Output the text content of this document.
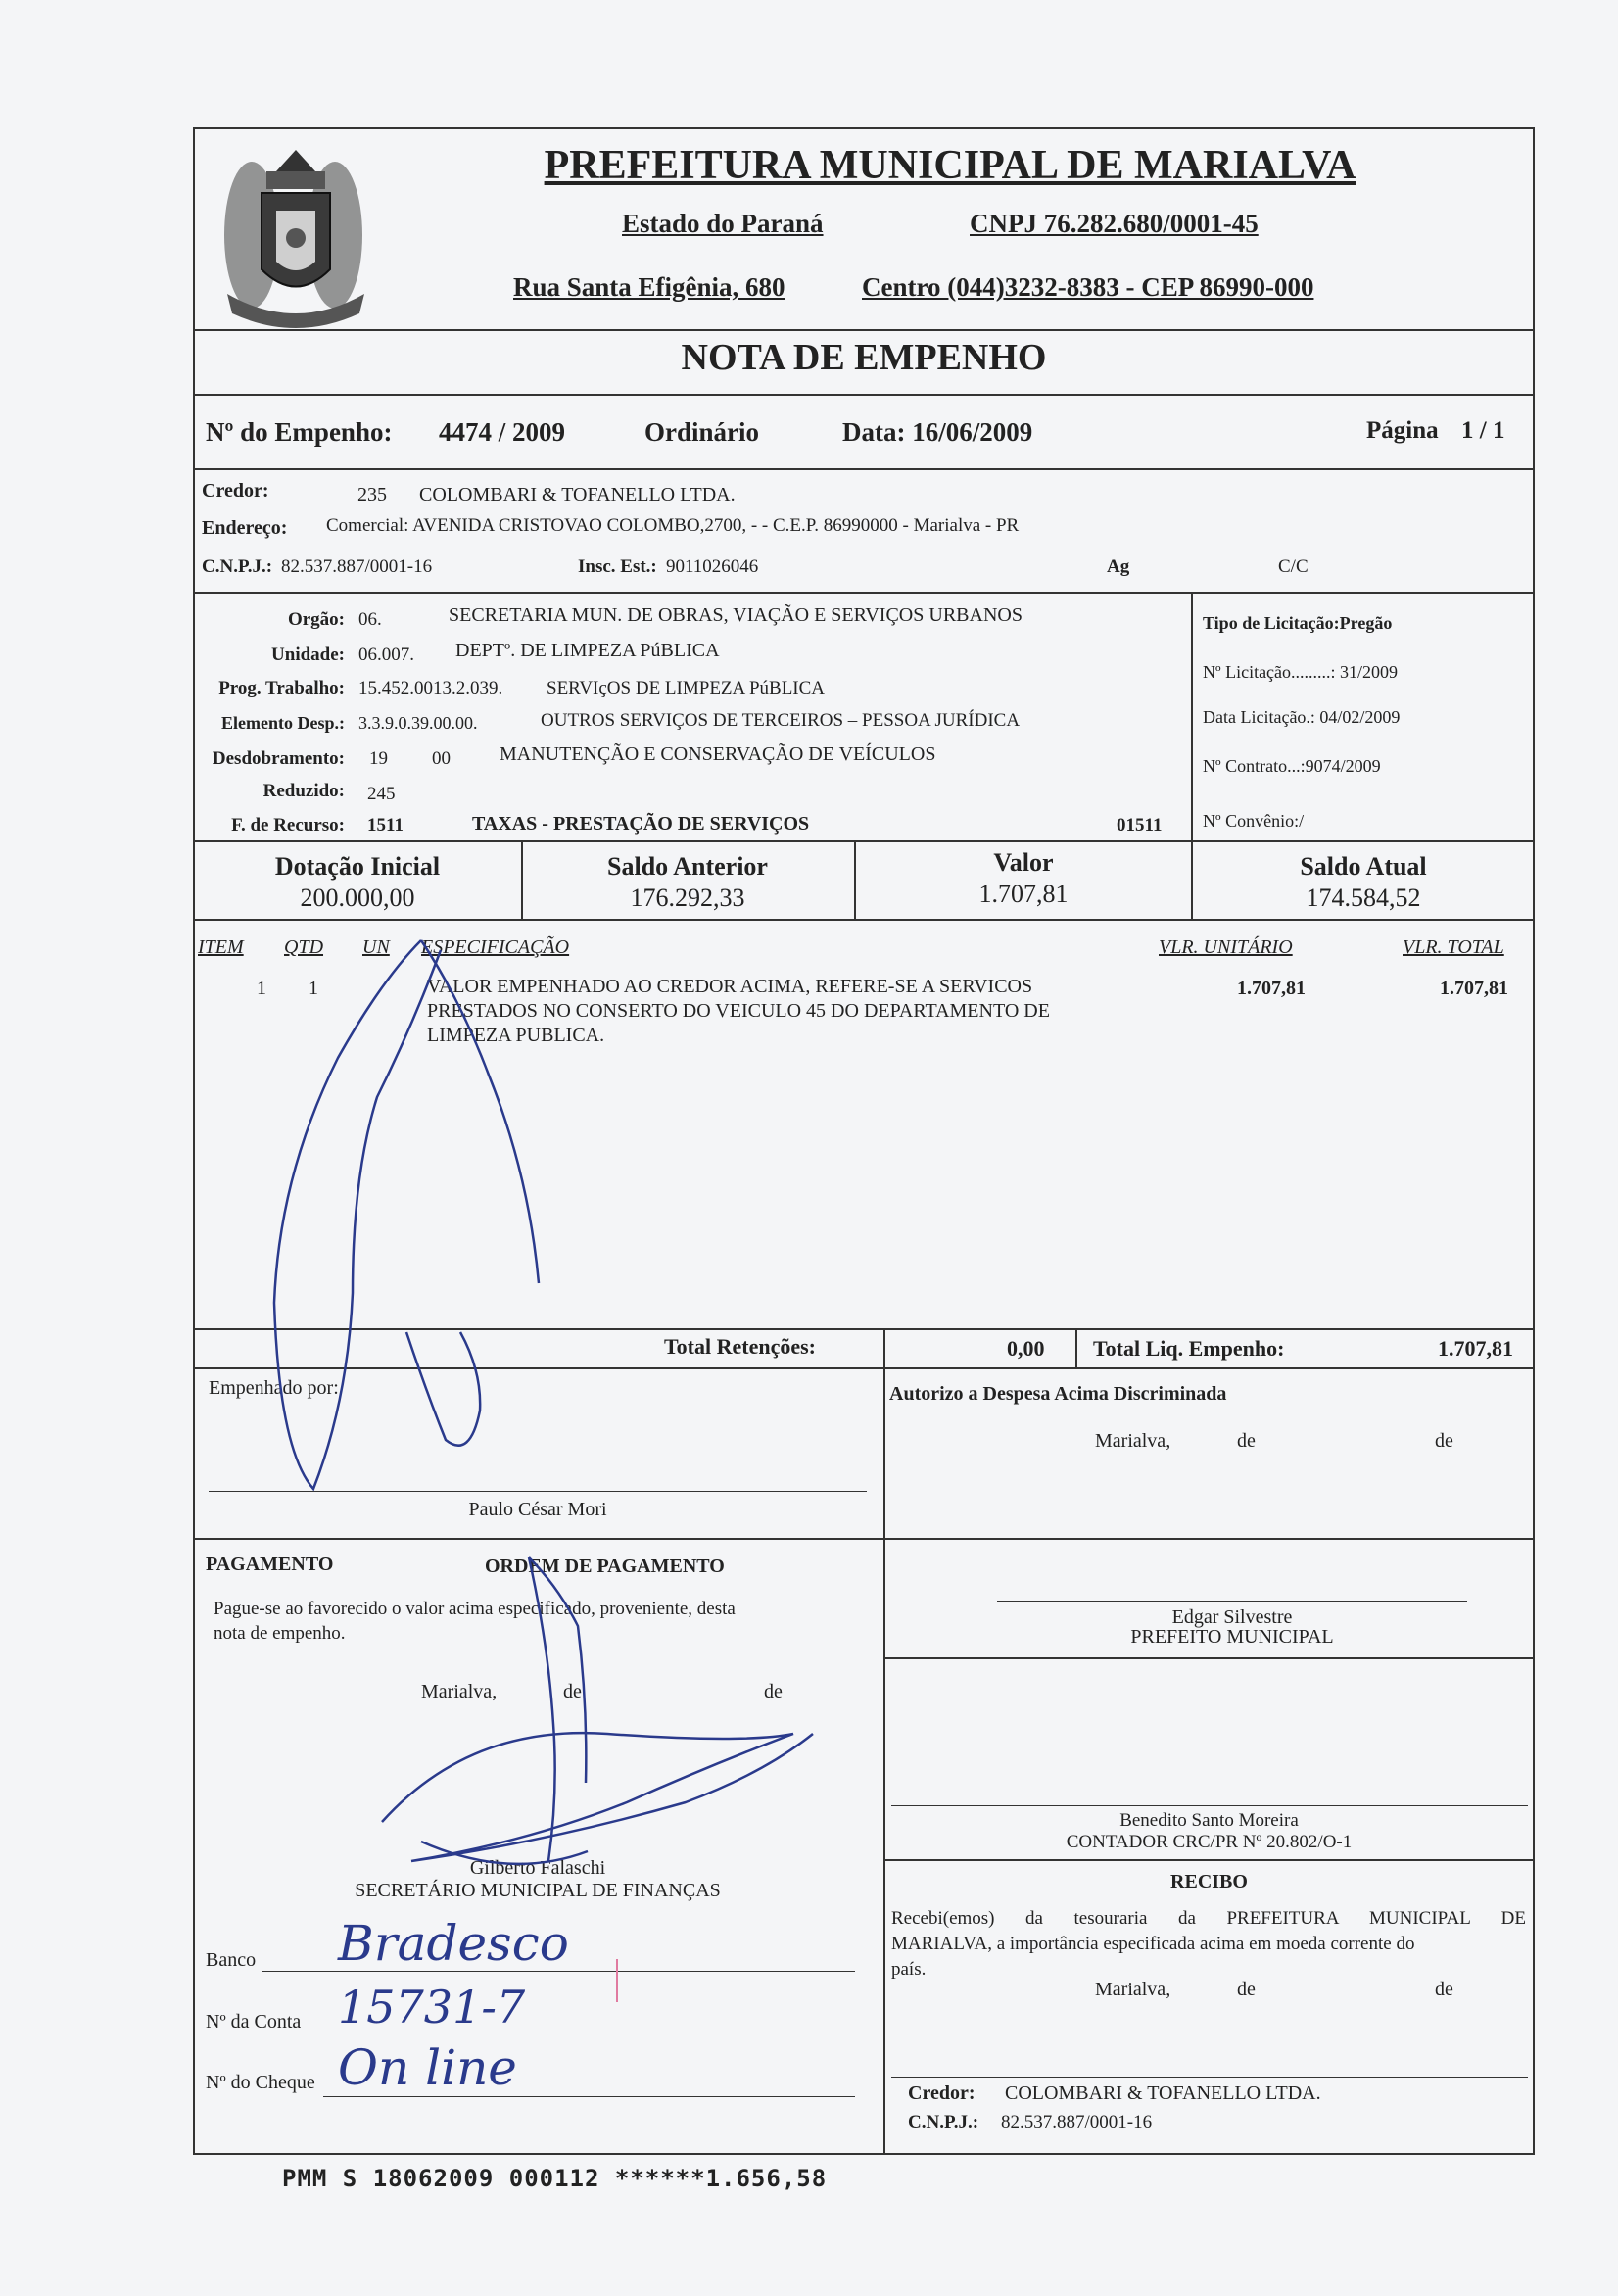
PREFEITURA MUNICIPAL DE MARIALVA
Estado do Paraná	CNPJ 76.282.680/0001-45
Rua Santa Efigênia, 680	Centro (044)3232-8383 - CEP 86990-000
NOTA DE EMPENHO
Nº do Empenho: 4474 / 2009	Ordinário	Data: 16/06/2009	Página 1 / 1
Credor:	235 COLOMBARI & TOFANELLO LTDA.
Endereço: Comercial: AVENIDA CRISTOVAO COLOMBO,2700, - - C.E.P. 86990000 - Marialva - PR
C.N.P.J.: 82.537.887/0001-16	Insc. Est.: 9011026046	Ag	C/C
Orgão: 06.	SECRETARIA MUN. DE OBRAS, VIAÇÃO E SERVIÇOS URBANOS
Unidade: 06.007. DEPTº. DE LIMPEZA PúBLICA
Prog. Trabalho: 15.452.0013.2.039. SERVIçOS DE LIMPEZA PúBLICA
Elemento Desp.: 3.3.9.0.39.00.00.	OUTROS SERVIÇOS DE TERCEIROS – PESSOA JURÍDICA
Desdobramento: 19 00	MANUTENÇÃO E CONSERVAÇÃO DE VEÍCULOS
Reduzido: 245
F. de Recurso: 1511	TAXAS - PRESTAÇÃO DE SERVIÇOS	01511
Tipo de Licitação:Pregão
Nº Licitação.........: 31/2009
Data Licitação.: 04/02/2009
Nº Contrato...:9074/2009
Nº Convênio:/
Dotação Inicial
200.000,00
Saldo Anterior
176.292,33
Valor
1.707,81
Saldo Atual
174.584,52
ITEM QTD UN ESPECIFICAÇÃO	VLR. UNITÁRIO	VLR. TOTAL
1 1	VALOR EMPENHADO AO CREDOR ACIMA, REFERE-SE A SERVICOS
PRESTADOS NO CONSERTO DO VEICULO 45 DO DEPARTAMENTO DE
LIMPEZA PUBLICA.
1.707,81	1.707,81
Total Retenções:	0,00 Total Liq. Empenho:	1.707,81
Empenhado por:
Paulo César Mori
Autorizo a Despesa Acima Discriminada
Marialva,	de	de
PAGAMENTO	ORDEM DE PAGAMENTO
Pague-se ao favorecido o valor acima especificado, proveniente, desta
nota de empenho.
Marialva,	de	de
Gilberto Falaschi
SECRETÁRIO MUNICIPAL DE FINANÇAS
Edgar Silvestre
PREFEITO MUNICIPAL
Benedito Santo Moreira
CONTADOR CRC/PR Nº 20.802/O-1
RECIBO
Recebi(emos) da tesouraria da PREFEITURA MUNICIPAL DE
MARIALVA, a importância especificada acima em moeda corrente do
país.
Marialva,	de	de
Credor: COLOMBARI & TOFANELLO LTDA.
C.N.P.J.: 82.537.887/0001-16
Banco Bradesco
Nº da Conta 15731-7
Nº do Cheque On line
PMM S 18062009 000112 ******1.656,58
